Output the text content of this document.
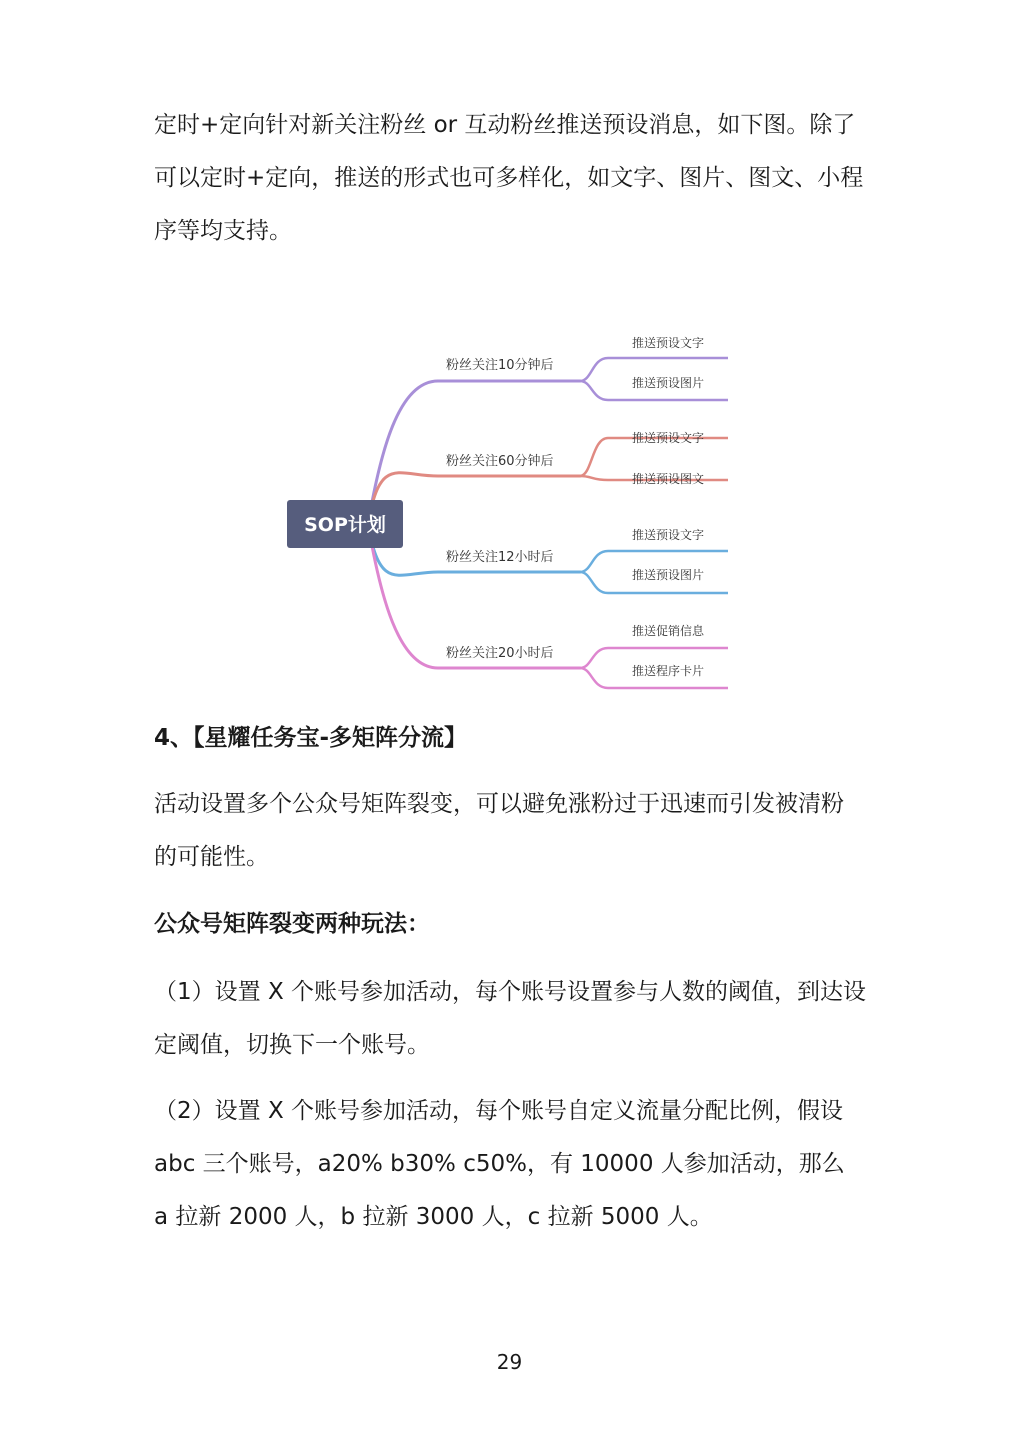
定时+定向针对新关注粉丝 or 互动粉丝推送预设消息，如下图。除了可以定时+定向，推送的形式也可多样化，如文字、图片、图文、小程序等均支持。

SOP计划
粉丝关注10分钟后
推送预设文字
推送预设图片
粉丝关注60分钟后
推送预设文字
推送预设图文
粉丝关注12小时后
推送预设文字
推送预设图片
粉丝关注20小时后
推送促销信息
推送程序卡片

4、【星耀任务宝-多矩阵分流】

活动设置多个公众号矩阵裂变，可以避免涨粉过于迅速而引发被清粉的可能性。

公众号矩阵裂变两种玩法：

（1）设置 X 个账号参加活动，每个账号设置参与人数的阈值，到达设定阈值，切换下一个账号。

（2）设置 X 个账号参加活动，每个账号自定义流量分配比例，假设 abc 三个账号，a20% b30% c50%，有 10000 人参加活动，那么 a 拉新 2000 人，b 拉新 3000 人，c 拉新 5000 人。

29
